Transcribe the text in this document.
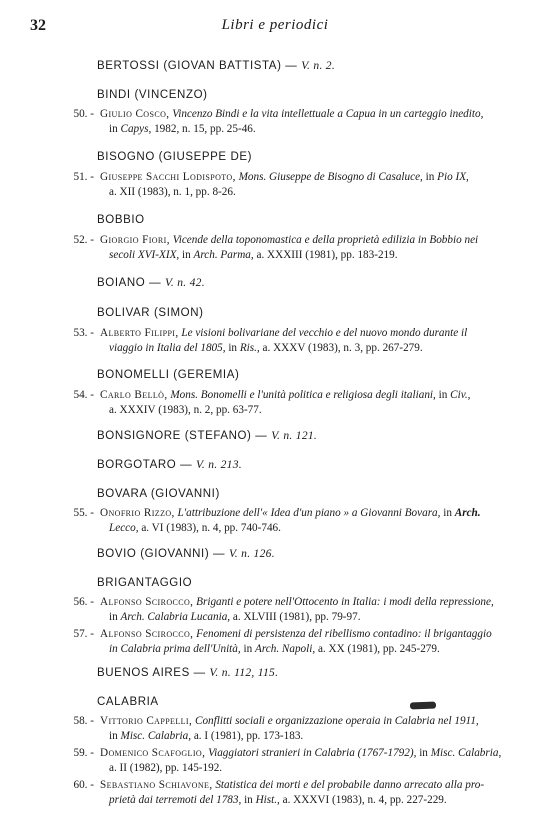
32	Libri e periodici
BERTOSSI (GIOVAN BATTISTA) — V. n. 2.
BINDI (VINCENZO)
50. - Giulio Cosco, Vincenzo Bindi e la vita intellettuale a Capua in un carteggio inedito,
in Capys, 1982, n. 15, pp. 25-46.
BISOGNO (GIUSEPPE DE)
51. - Giuseppe Sacchi Lodispoto, Mons. Giuseppe de Bisogno di Casaluce, in Pio IX,
a. XII (1983), n. 1, pp. 8-26.
BOBBIO
52. - Giorgio Fiori, Vicende della toponomastica e della proprietà edilizia in Bobbio nei
secoli XVI-XIX, in Arch. Parma, a. XXXIII (1981), pp. 183-219.
BOIANO — V. n. 42.
BOLIVAR (SIMON)
53. - Alberto Filippi, Le visioni bolivariane del vecchio e del nuovo mondo durante il
viaggio in Italia del 1805, in Ris., a. XXXV (1983), n. 3, pp. 267-279.
BONOMELLI (GEREMIA)
54. - Carlo Bellò, Mons. Bonomelli e l'unità politica e religiosa degli italiani, in Civ.,
a. XXXIV (1983), n. 2, pp. 63-77.
BONSIGNORE (STEFANO) — V. n. 121.
BORGOTARO — V. n. 213.
BOVARA (GIOVANNI)
55. - Onofrio Rizzo, L'attribuzione dell'« Idea d'un piano » a Giovanni Bovara, in Arch.
Lecco, a. VI (1983), n. 4, pp. 740-746.
BOVIO (GIOVANNI) — V. n. 126.
BRIGANTAGGIO
56. - Alfonso Scirocco, Briganti e potere nell'Ottocento in Italia: i modi della repressione,
in Arch. Calabria Lucania, a. XLVIII (1981), pp. 79-97.
57. - Alfonso Scirocco, Fenomeni di persistenza del ribellismo contadino: il brigantaggio
in Calabria prima dell'Unità, in Arch. Napoli, a. XX (1981), pp. 245-279.
BUENOS AIRES — V. n. 112, 115.
CALABRIA
58. - Vittorio Cappelli, Conflitti sociali e organizzazione operaia in Calabria nel 1911,
in Misc. Calabria, a. I (1981), pp. 173-183.
59. - Domenico Scafoglio, Viaggiatori stranieri in Calabria (1767-1792), in Misc. Calabria,
a. II (1982), pp. 145-192.
60. - Sebastiano Schiavone, Statistica dei morti e del probabile danno arrecato alla pro-
prietà dai terremoti del 1783, in Hist., a. XXXVI (1983), n. 4, pp. 227-229.
